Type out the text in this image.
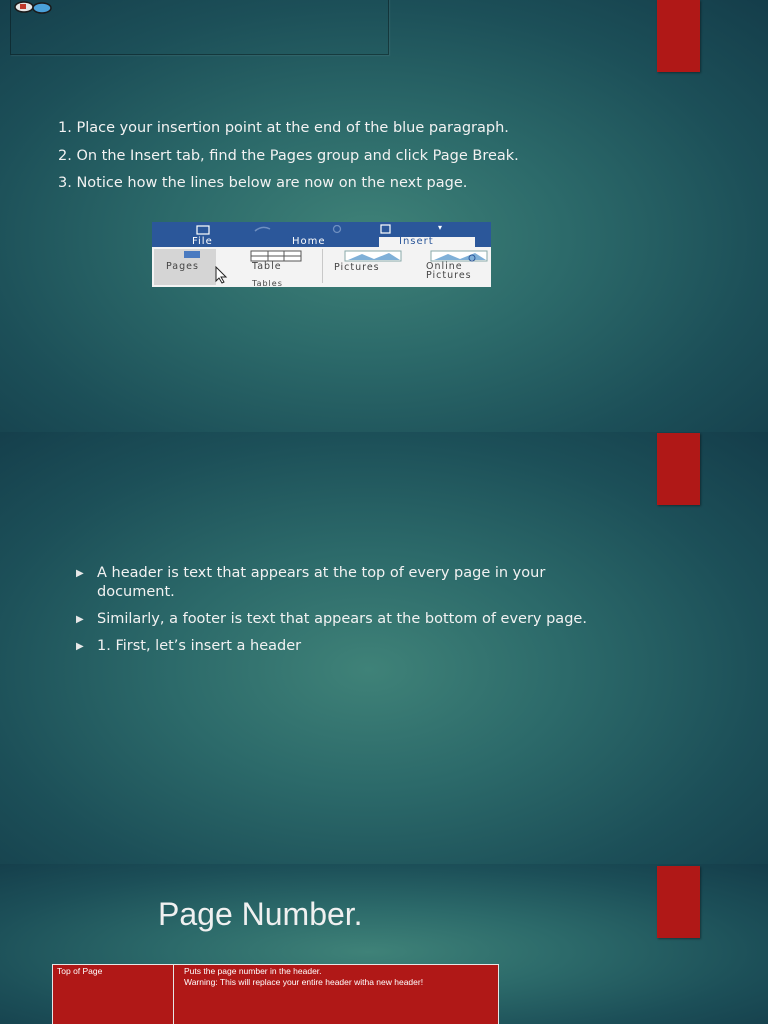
1. Place your insertion point at the end of the blue paragraph.
2. On the Insert tab, find the Pages group and click Page Break.
3. Notice how the lines below are now on the next page.
▾
File	Home	Insert
Pages	Table
Tables
Pictures	Online Pictures
▶ A header is text that appears at the top of every page in your document.
▶ Similarly, a footer is text that appears at the bottom of every page.
▶ 1. First, let’s insert a header
Page Number.
Top of Page	Puts the page number in the header.
Warning: This will replace your entire header witha new header!
